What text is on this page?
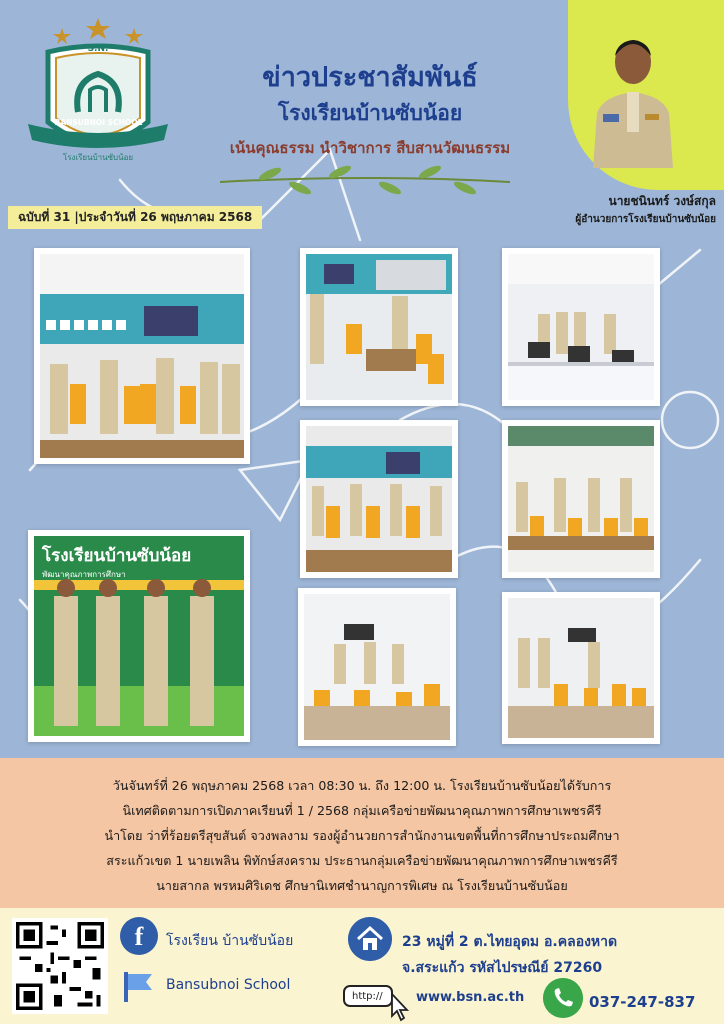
S.N.
BANSUBNOI SCHOOL
โรงเรียนบ้านซับน้อย
ข่าวประชาสัมพันธ์
โรงเรียนบ้านซับน้อย
เน้นคุณธรรม นำวิชาการ สืบสานวัฒนธรรม
นายชนินทร์ วงษ์สกุล
ผู้อำนวยการโรงเรียนบ้านซับน้อย
ฉบับที่ 31 |ประจำวันที่ 26 พฤษภาคม 2568
โรงเรียนบ้านซับน้อย
พัฒนาคุณภาพการศึกษา
วันจันทร์ที่ 26 พฤษภาคม 2568 เวลา 08:30 น. ถึง 12:00 น. โรงเรียนบ้านซับน้อยได้รับการ
นิเทศติดตามการเปิดภาคเรียนที่ 1 / 2568 กลุ่มเครือข่ายพัฒนาคุณภาพการศึกษาเพชรคีรี
นำโดย ว่าที่ร้อยตรีสุขสันต์ จวงพลงาม รองผู้อำนวยการสำนักงานเขตพื้นที่การศึกษาประถมศึกษา
สระแก้วเขต 1 นายเพลิน พิทักษ์สงคราม ประธานกลุ่มเครือข่ายพัฒนาคุณภาพการศึกษาเพชรคีรี
นายสากล พรหมศิริเดช ศึกษานิเทศชำนาญการพิเศษ ณ โรงเรียนบ้านซับน้อย
f	โรงเรียน บ้านซับน้อย
Bansubnoi School
23 หมู่ที่ 2 ต.ไทยอุดม อ.คลองหาด
จ.สระแก้ว รหัสไปรษณีย์ 27260
http://	www.bsn.ac.th	037-247-837
